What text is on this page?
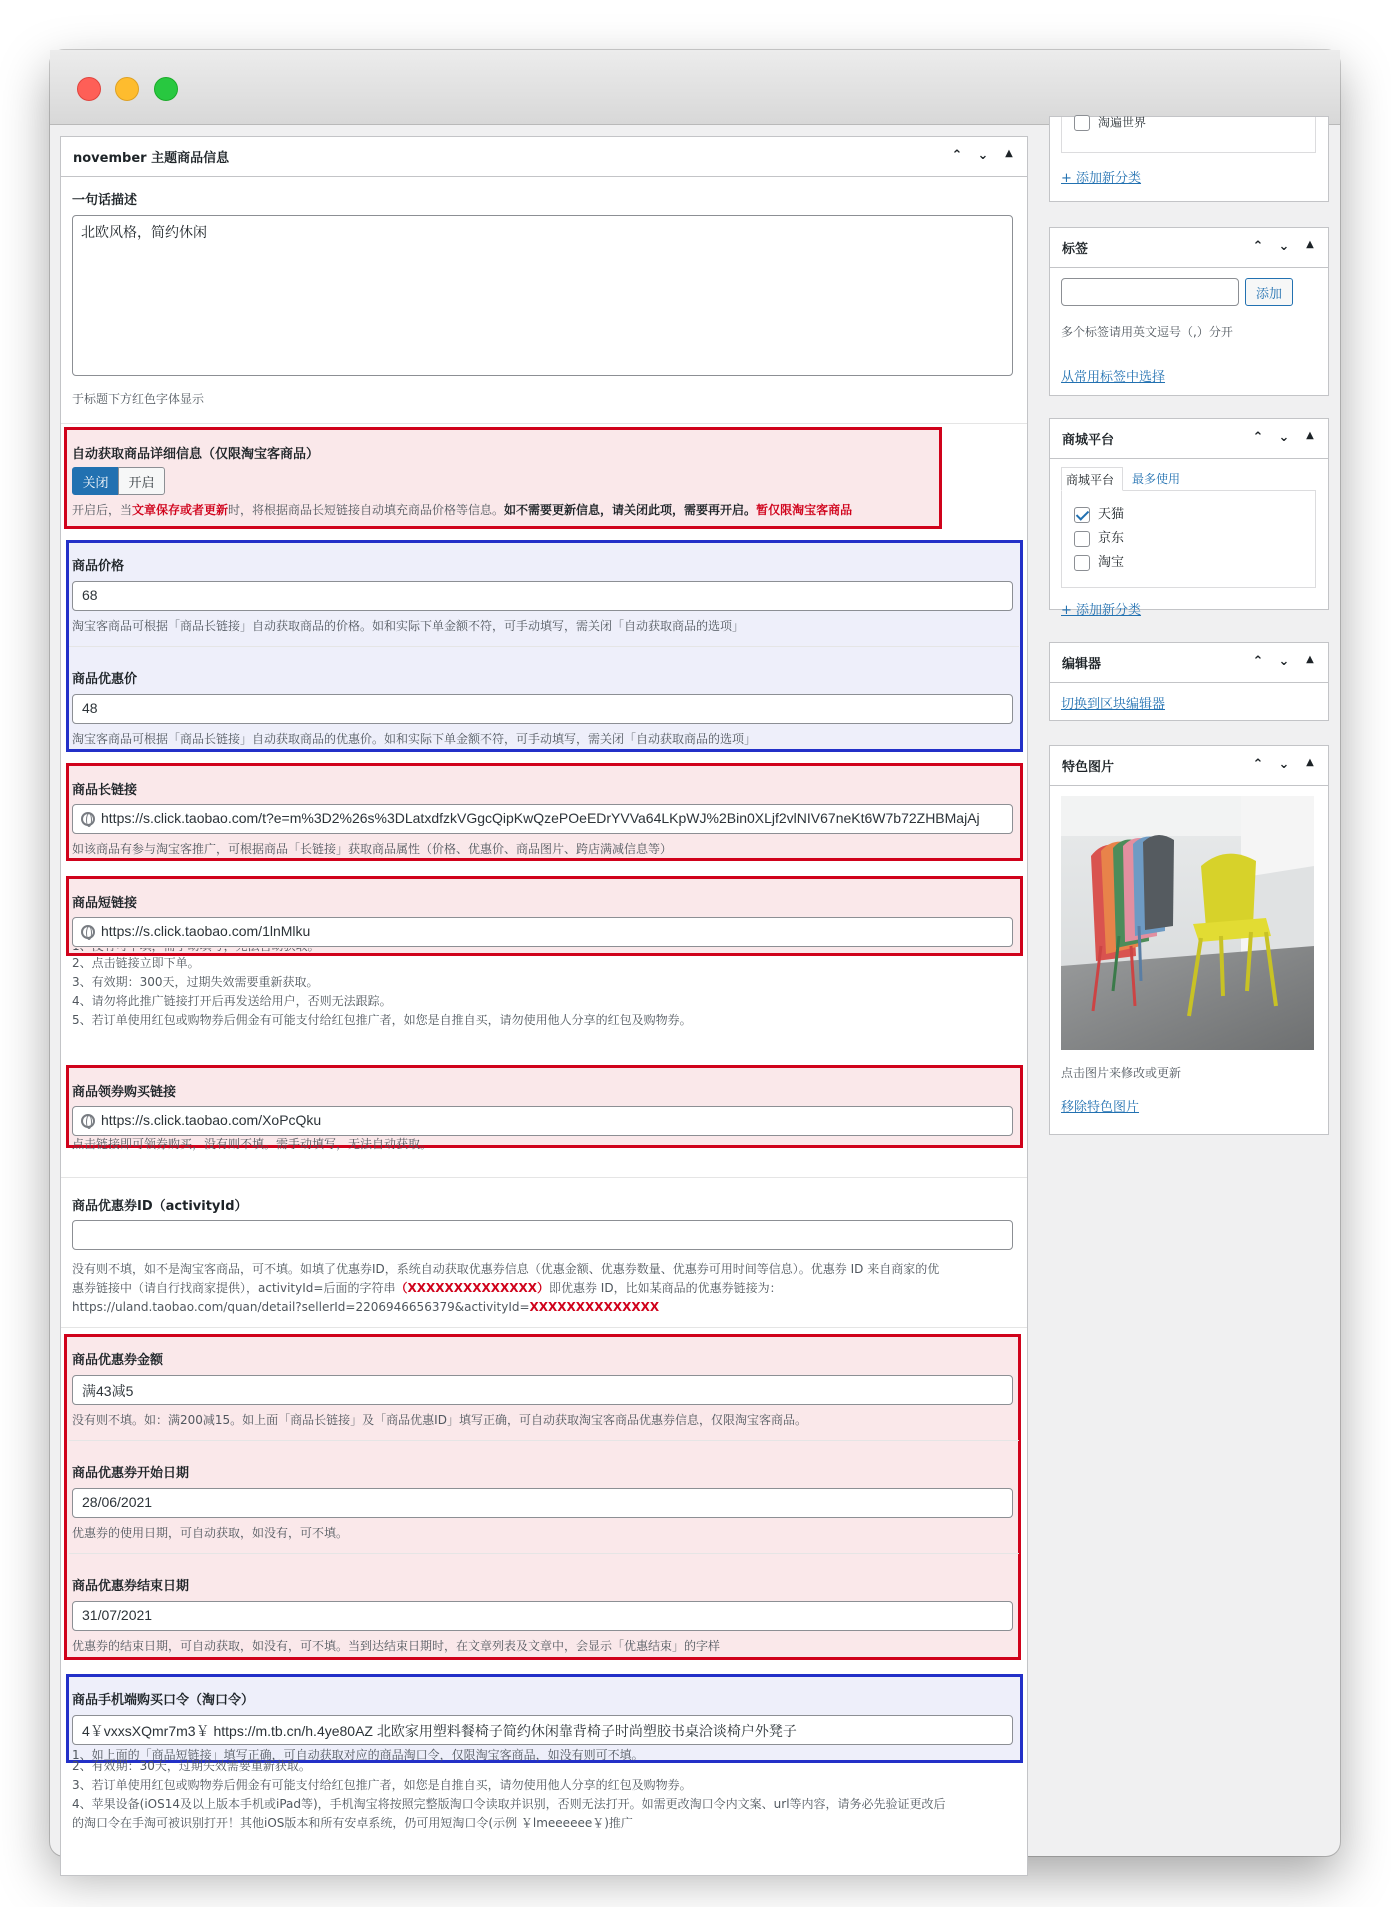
november 主题商品信息	⌃ ⌄	▲
一句话描述
北欧风格，简约休闲
于标题下方红色字体显示
自动获取商品详细信息（仅限淘宝客商品）
关闭	开启
开启后，当文章保存或者更新时，将根据商品长短链接自动填充商品价格等信息。如不需要更新信息，请关闭此项，需要再开启。暂仅限淘宝客商品
商品价格
68
淘宝客商品可根据「商品长链接」自动获取商品的价格。如和实际下单金额不符，可手动填写，需关闭「自动获取商品的选项」
商品优惠价
48
淘宝客商品可根据「商品长链接」自动获取商品的优惠价。如和实际下单金额不符，可手动填写，需关闭「自动获取商品的选项」
商品长链接
https://s.click.taobao.com/t?e=m%3D2%26s%3DLatxdfzkVGgcQipKwQzePOeEDrYVVa64LKpWJ%2Bin0XLjf2vlNIV67neKt6W7b72ZHBMajAj
如该商品有参与淘宝客推广，可根据商品「长链接」获取商品属性（价格、优惠价、商品图片、跨店满减信息等）
商品短链接
https://s.click.taobao.com/1lnMlku
2、点击链接立即下单。
3、有效期：300天，过期失效需要重新获取。
4、请勿将此推广链接打开后再发送给用户，否则无法跟踪。
5、若订单使用红包或购物券后佣金有可能支付给红包推广者，如您是自推自买，请勿使用他人分享的红包及购物券。
商品领券购买链接
https://s.click.taobao.com/XoPcQku
点击链接即可领券购买，没有则不填。需手动填写，无法自动获取。
商品优惠券ID（activityId）
没有则不填，如不是淘宝客商品，可不填。如填了优惠券ID，系统自动获取优惠券信息（优惠金额、优惠券数量、优惠券可用时间等信息）。优惠券 ID 来自商家的优
惠券链接中（请自行找商家提供），activityId=后面的字符串（XXXXXXXXXXXXXX）即优惠券 ID，比如某商品的优惠券链接为：
https://uland.taobao.com/quan/detail?sellerId=2206946656379&activityId=XXXXXXXXXXXXXX
商品优惠券金额
满43减5
没有则不填。如：满200减15。如上面「商品长链接」及「商品优惠ID」填写正确，可自动获取淘宝客商品优惠券信息，仅限淘宝客商品。
商品优惠券开始日期
28/06/2021
优惠券的使用日期，可自动获取，如没有，可不填。
商品优惠券结束日期
31/07/2021
优惠券的结束日期，可自动获取，如没有，可不填。当到达结束日期时，在文章列表及文章中，会显示「优惠结束」的字样
商品手机端购买口令（淘口令）
4￥vxxsXQmr7m3￥ https://m.tb.cn/h.4ye80AZ 北欧家用塑料餐椅子简约休闲靠背椅子时尚塑胶书桌洽谈椅户外凳子
1、如上面的「商品短链接」填写正确，可自动获取对应的商品淘口令，仅限淘宝客商品，如没有则可不填。
2、有效期：30天，过期失效需要重新获取。
3、若订单使用红包或购物券后佣金有可能支付给红包推广者，如您是自推自买，请勿使用他人分享的红包及购物券。
4、苹果设备(iOS14及以上版本手机或iPad等)，手机淘宝将按照完整版淘口令读取并识别，否则无法打开。如需更改淘口令内文案、url等内容，请务必先验证更改后
的淘口令在手淘可被识别打开！其他iOS版本和所有安卓系统，仍可用短淘口令(示例 ￥lmeeeeee￥)推广
淘遍世界
+ 添加新分类
标签	⌃ ⌄	▲
添加
多个标签请用英文逗号（,）分开
从常用标签中选择
商城平台	⌃ ⌄	▲
商城平台	最多使用
天猫
京东
淘宝
+ 添加新分类
编辑器	⌃ ⌄	▲
切换到区块编辑器
特色图片	⌃ ⌄	▲
点击图片来修改或更新
移除特色图片
